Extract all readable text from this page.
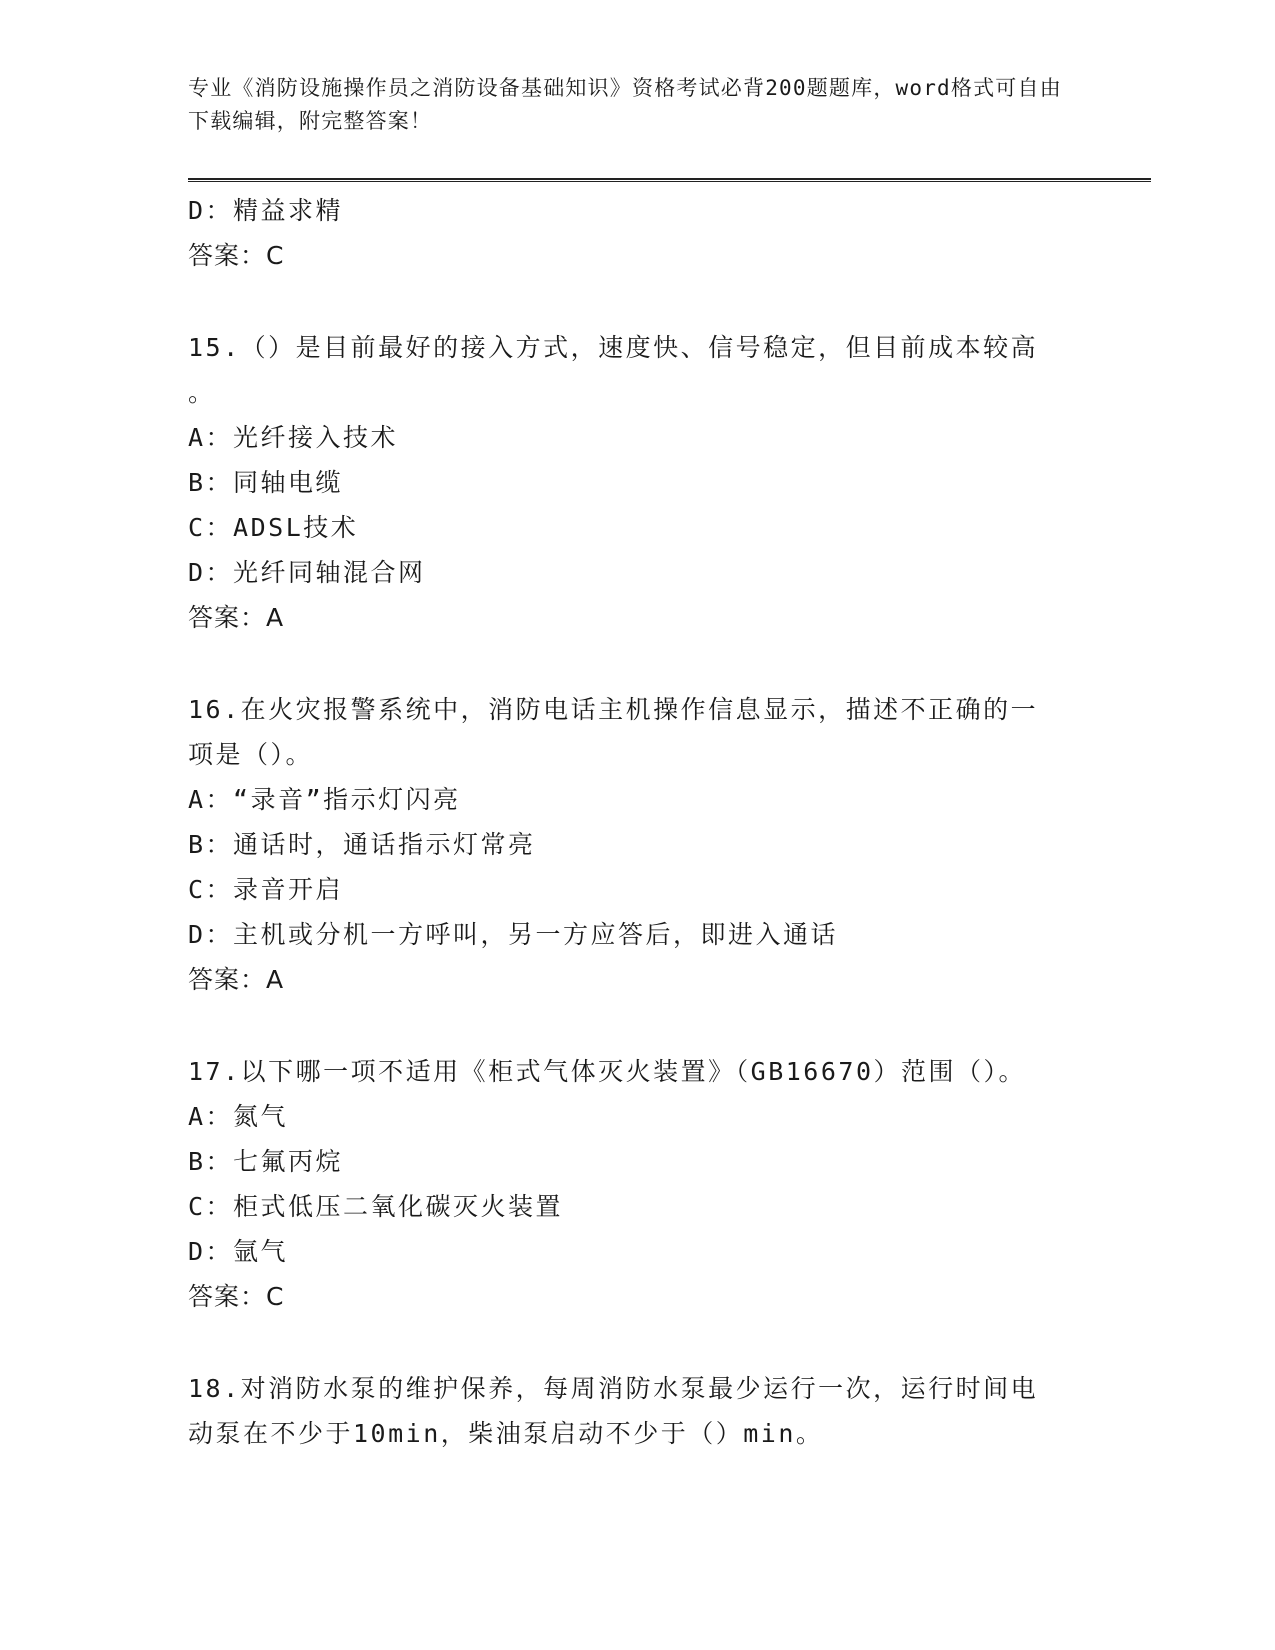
专业《消防设施操作员之消防设备基础知识》资格考试必背200题题库，word格式可自由下载编辑，附完整答案！
D：精益求精
答案：C
15.（）是目前最好的接入方式，速度快、信号稳定，但目前成本较高
。
A：光纤接入技术
B：同轴电缆
C：ADSL技术
D：光纤同轴混合网
答案：A
16.在火灾报警系统中，消防电话主机操作信息显示，描述不正确的一
项是（）。
A：“录音”指示灯闪亮
B：通话时，通话指示灯常亮
C：录音开启
D：主机或分机一方呼叫，另一方应答后，即进入通话
答案：A
17.以下哪一项不适用《柜式气体灭火装置》（GB16670）范围（）。
A：氮气
B：七氟丙烷
C：柜式低压二氧化碳灭火装置
D：氩气
答案：C
18.对消防水泵的维护保养，每周消防水泵最少运行一次，运行时间电
动泵在不少于10min，柴油泵启动不少于（）min。
